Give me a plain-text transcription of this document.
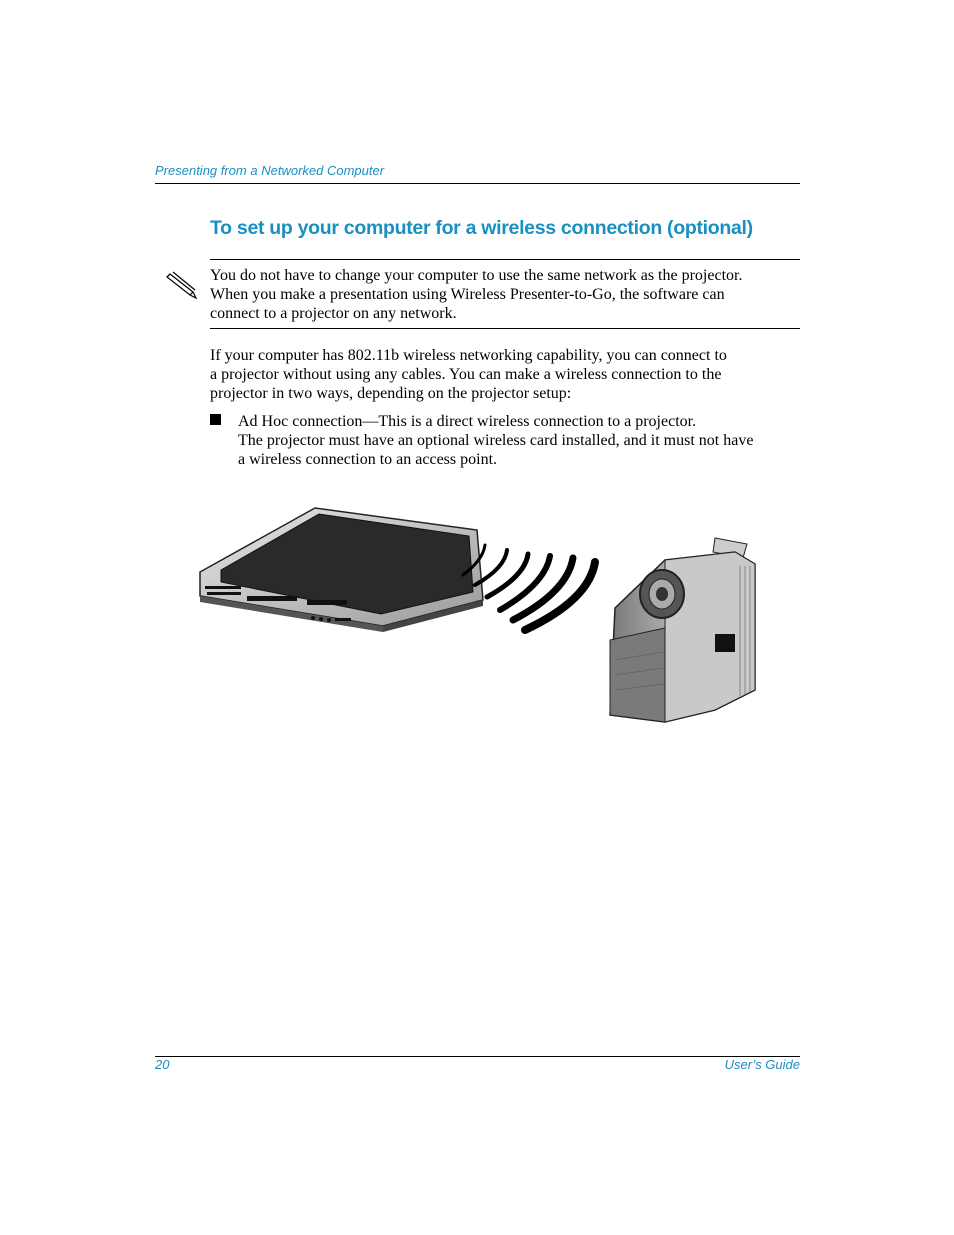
Presenting from a Networked Computer
To set up your computer for a wireless connection (optional)
You do not have to change your computer to use the same network as the projector.
When you make a presentation using Wireless Presenter-to-Go, the software can
connect to a projector on any network.
If your computer has 802.11b wireless networking capability, you can connect to
a projector without using any cables. You can make a wireless connection to the
projector in two ways, depending on the projector setup:
Ad Hoc connection—This is a direct wireless connection to a projector.
The projector must have an optional wireless card installed, and it must not have
a wireless connection to an access point.
20	User’s Guide
